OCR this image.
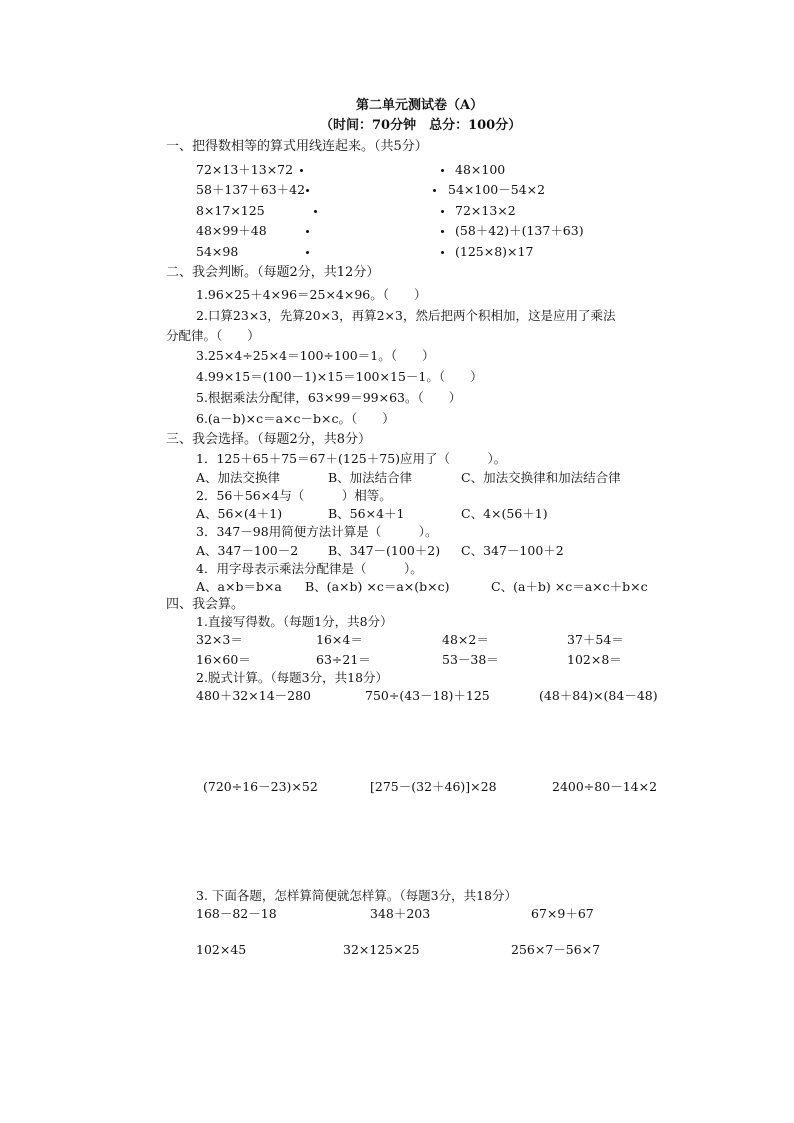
第二单元测试卷（A）
（时间：70分钟　总分：100分）
一、把得数相等的算式用线连起来。（共5分）
72×13＋13×72
58＋137＋63＋42
8×17×125
48×99＋48
54×98
48×100
54×100－54×2
72×13×2
(58＋42)＋(137＋63)
(125×8)×17
二、我会判断。（每题2分，共12分）
1.96×25＋4×96＝25×4×96。（　　）
2.口算23×3，先算20×3，再算2×3，然后把两个积相加，这是应用了乘法
分配律。（　　）
3.25×4÷25×4＝100÷100＝1。（　　）
4.99×15＝(100－1)×15＝100×15－1。（　　）
5.根据乘法分配律，63×99＝99×63。（　　）
6.(a－b)×c＝a×c－b×c。（　　）
三、我会选择。（每题2分，共8分）
1．125＋65＋75＝67＋(125＋75)应用了（　　　）。
A、加法交换律	B、加法结合律	C、加法交换律和加法结合律
2．56＋56×4与（　　　）相等。
A、56×(4＋1)	B、56×4＋1	C、4×(56＋1)
3．347－98用简便方法计算是（　　　）。
A、347－100－2 B、347－(100＋2) C、347－100＋2
4．用字母表示乘法分配律是（　　　）。
A、a×b＝b×a B、(a×b) ×c＝a×(b×c)	C、(a＋b) ×c＝a×c＋b×c
四、我会算。
1.直接写得数。（每题1分，共8分）
32×3＝	16×4＝	48×2＝	37＋54＝
16×60＝	63÷21＝	53－38＝	102×8＝
2.脱式计算。（每题3分，共18分）
480＋32×14－280	750÷(43－18)＋125	(48＋84)×(84－48)
(720÷16－23)×52	[275－(32＋46)]×28	2400÷80－14×2
3. 下面各题，怎样算简便就怎样算。（每题3分，共18分）
168－82－18	348＋203	67×9＋67
102×45	32×125×25	256×7－56×7
